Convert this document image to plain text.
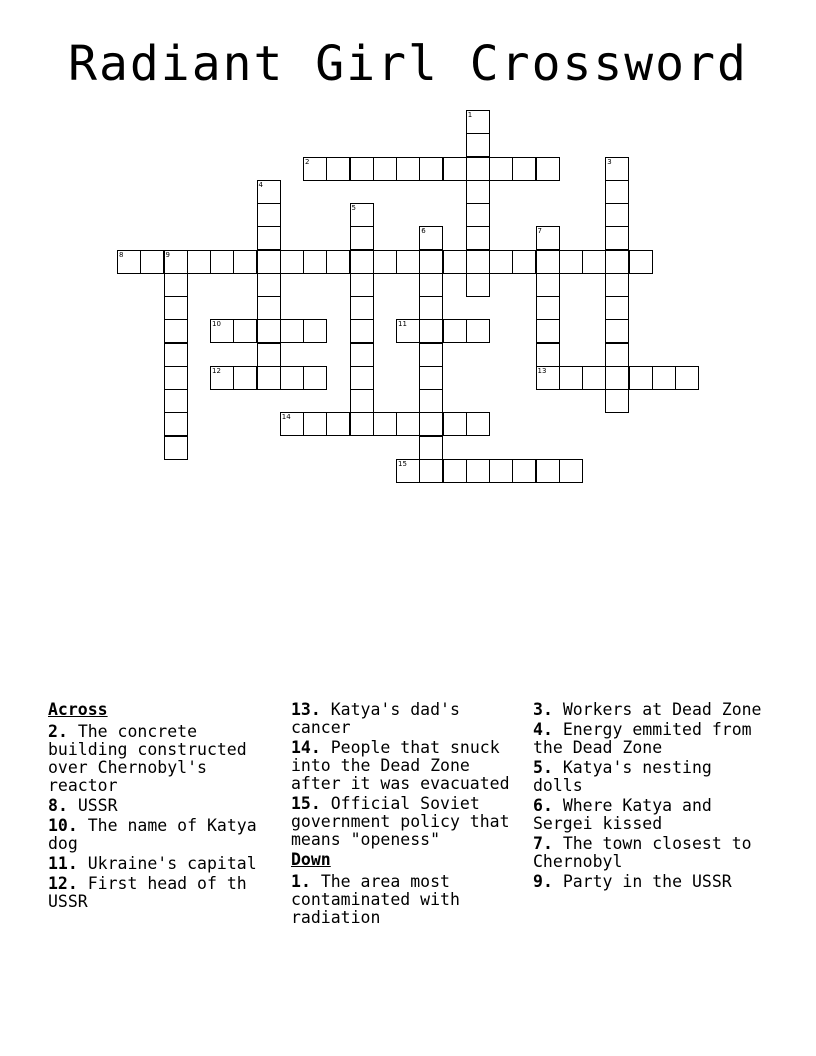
Radiant Girl Crossword
1
2	3
4
5
6	7
8	9
10	11
12	13
14
15
Across
2. The concrete building constructed over Chernobyl's reactor
8. USSR
10. The name of Katya dog
11. Ukraine's capital
12. First head of th USSR
13. Katya's dad's cancer
14. People that snuck into the Dead Zone after it was evacuated
15. Official Soviet government policy that means "openess"
Down
1. The area most contaminated with radiation
3. Workers at Dead Zone
4. Energy emmited from the Dead Zone
5. Katya's nesting dolls
6. Where Katya and Sergei kissed
7. The town closest to Chernobyl
9. Party in the USSR
